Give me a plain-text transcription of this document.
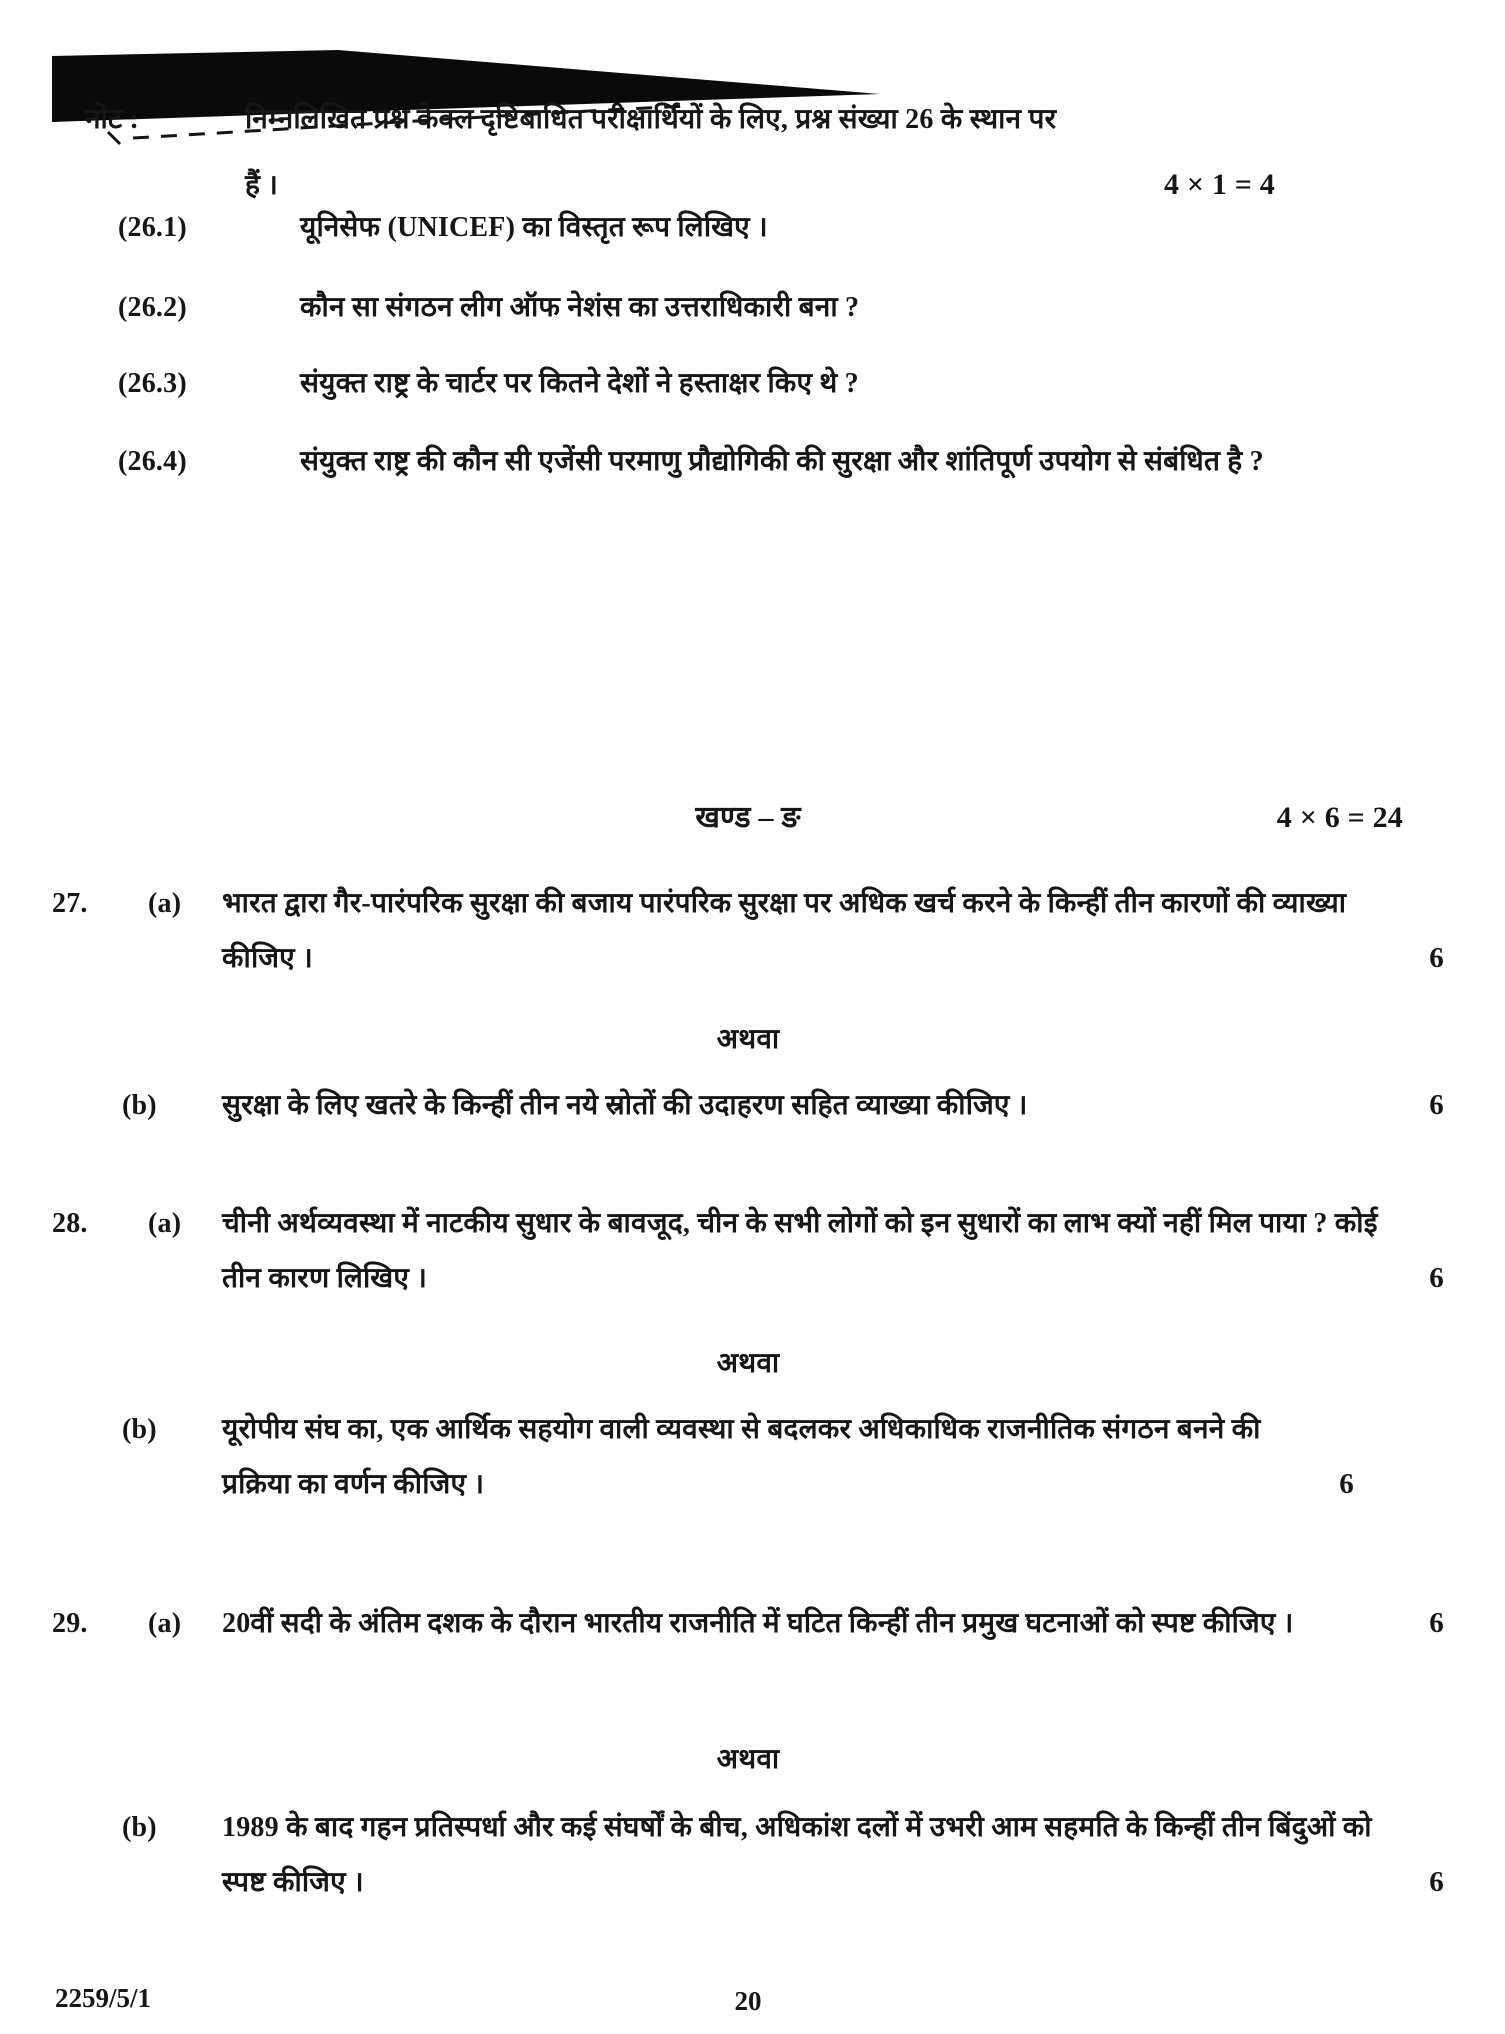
नोट :	निम्नलिखित प्रश्न केवल दृष्टिबाधित परीक्षार्थियों के लिए, प्रश्न संख्या 26 के स्थान पर
हैं ।	4 × 1 = 4
(26.1)	यूनिसेफ (UNICEF) का विस्तृत रूप लिखिए ।
(26.2)	कौन सा संगठन लीग ऑफ नेशंस का उत्तराधिकारी बना ?
(26.3)	संयुक्त राष्ट्र के चार्टर पर कितने देशों ने हस्ताक्षर किए थे ?
(26.4)	संयुक्त राष्ट्र की कौन सी एजेंसी परमाणु प्रौद्योगिकी की सुरक्षा और शांतिपूर्ण उपयोग से संबंधित है ?
खण्ड – ङ	4 × 6 = 24
27.	(a)	भारत द्वारा गैर-पारंपरिक सुरक्षा की बजाय पारंपरिक सुरक्षा पर अधिक खर्च करने के किन्हीं तीन कारणों की व्याख्या कीजिए ।	6
अथवा
(b)	सुरक्षा के लिए खतरे के किन्हीं तीन नये स्रोतों की उदाहरण सहित व्याख्या कीजिए ।	6
28.	(a)	चीनी अर्थव्यवस्था में नाटकीय सुधार के बावजूद, चीन के सभी लोगों को इन सुधारों का लाभ क्यों नहीं मिल पाया ? कोई तीन कारण लिखिए ।	6
अथवा
(b)	यूरोपीय संघ का, एक आर्थिक सहयोग वाली व्यवस्था से बदलकर अधिकाधिक राजनीतिक संगठन बनने की प्रक्रिया का वर्णन कीजिए ।	6
29.	(a)	20वीं सदी के अंतिम दशक के दौरान भारतीय राजनीति में घटित किन्हीं तीन प्रमुख घटनाओं को स्पष्ट कीजिए ।	6
अथवा
(b)	1989 के बाद गहन प्रतिस्पर्धा और कई संघर्षों के बीच, अधिकांश दलों में उभरी आम सहमति के किन्हीं तीन बिंदुओं को स्पष्ट कीजिए ।	6
2259/5/1	20
